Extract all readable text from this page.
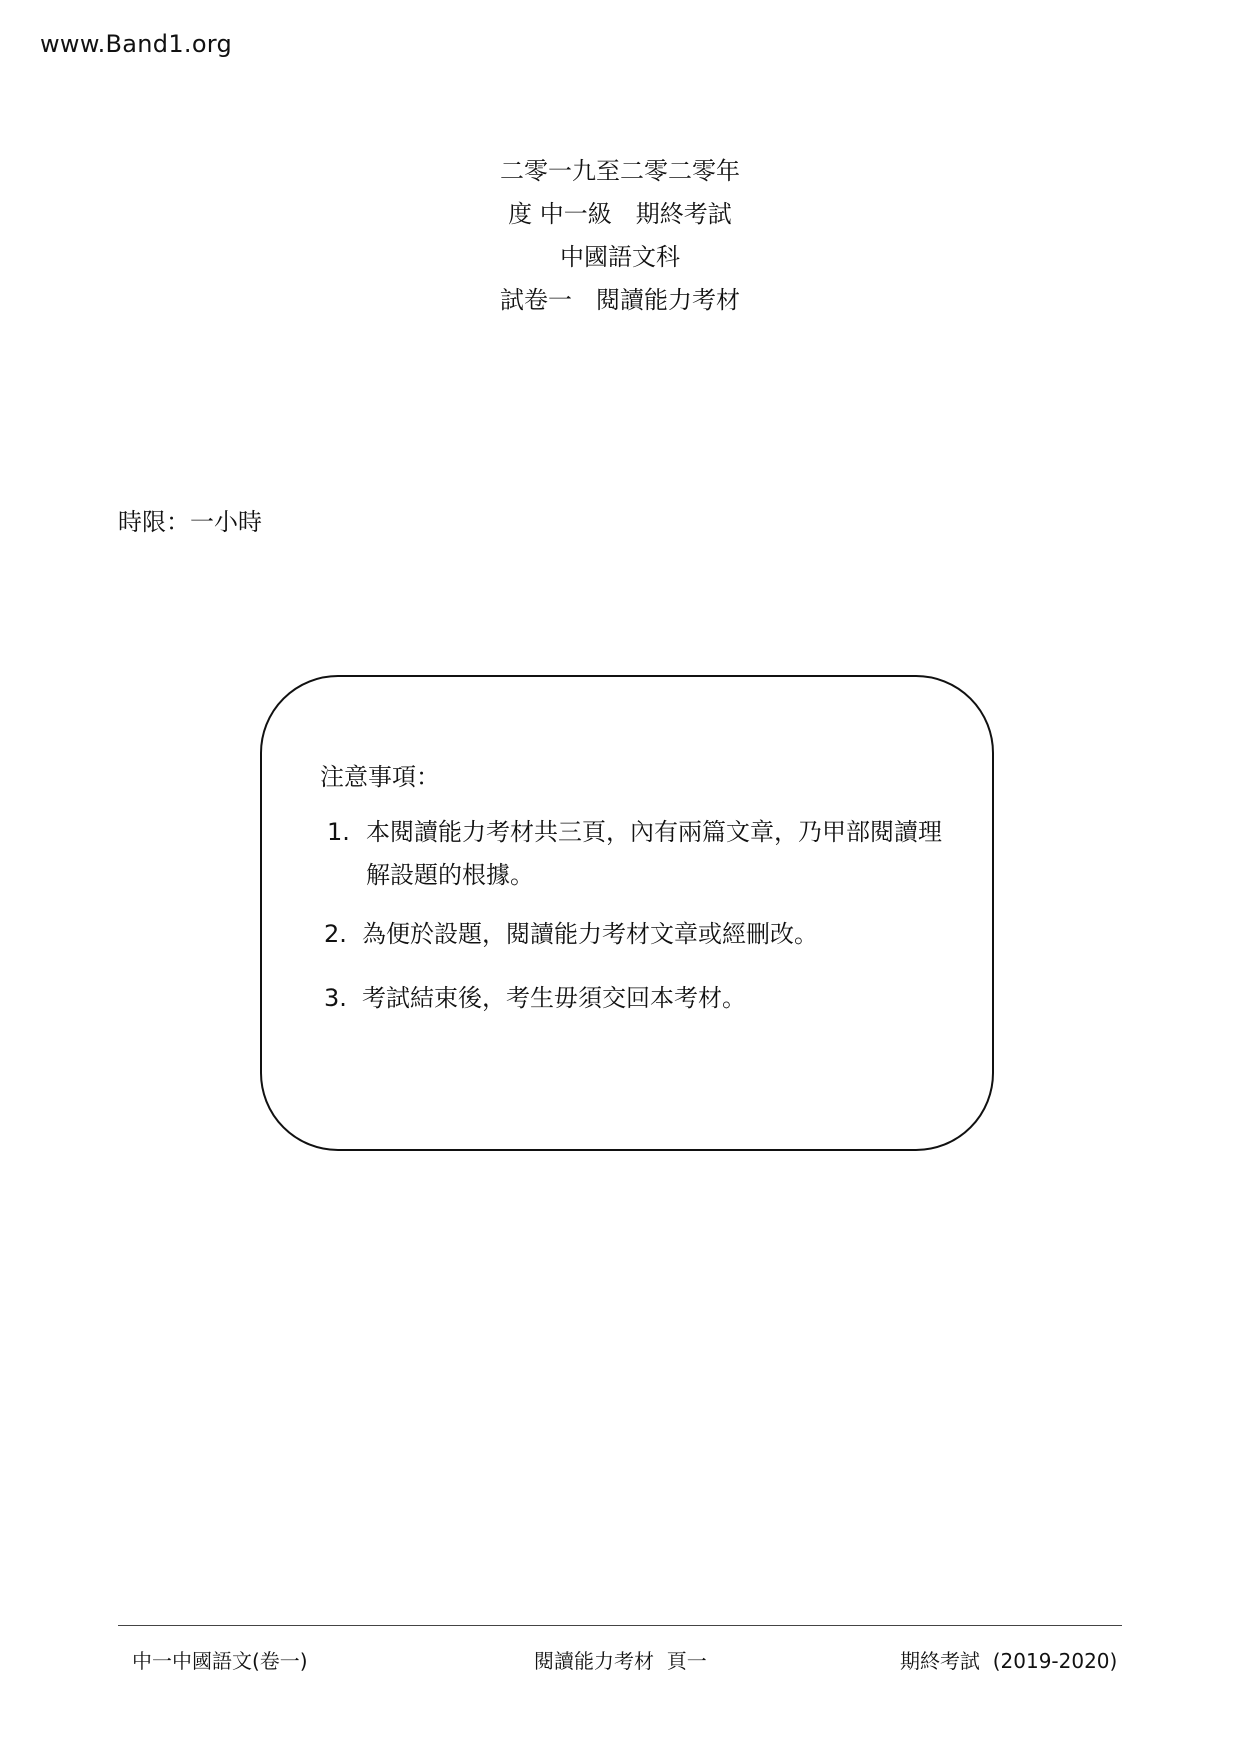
www.Band1.org
二零一九至二零二零年
度 中一級　期終考試
中國語文科
試卷一　閱讀能力考材
時限：一小時
注意事項：
1. 本閱讀能力考材共三頁，內有兩篇文章，乃甲部閱讀理解設題的根據。
2. 為便於設題，閱讀能力考材文章或經刪改。
3. 考試結束後，考生毋須交回本考材。
中一中國語文(卷一)	閱讀能力考材  頁一	期終考試  (2019-2020)
